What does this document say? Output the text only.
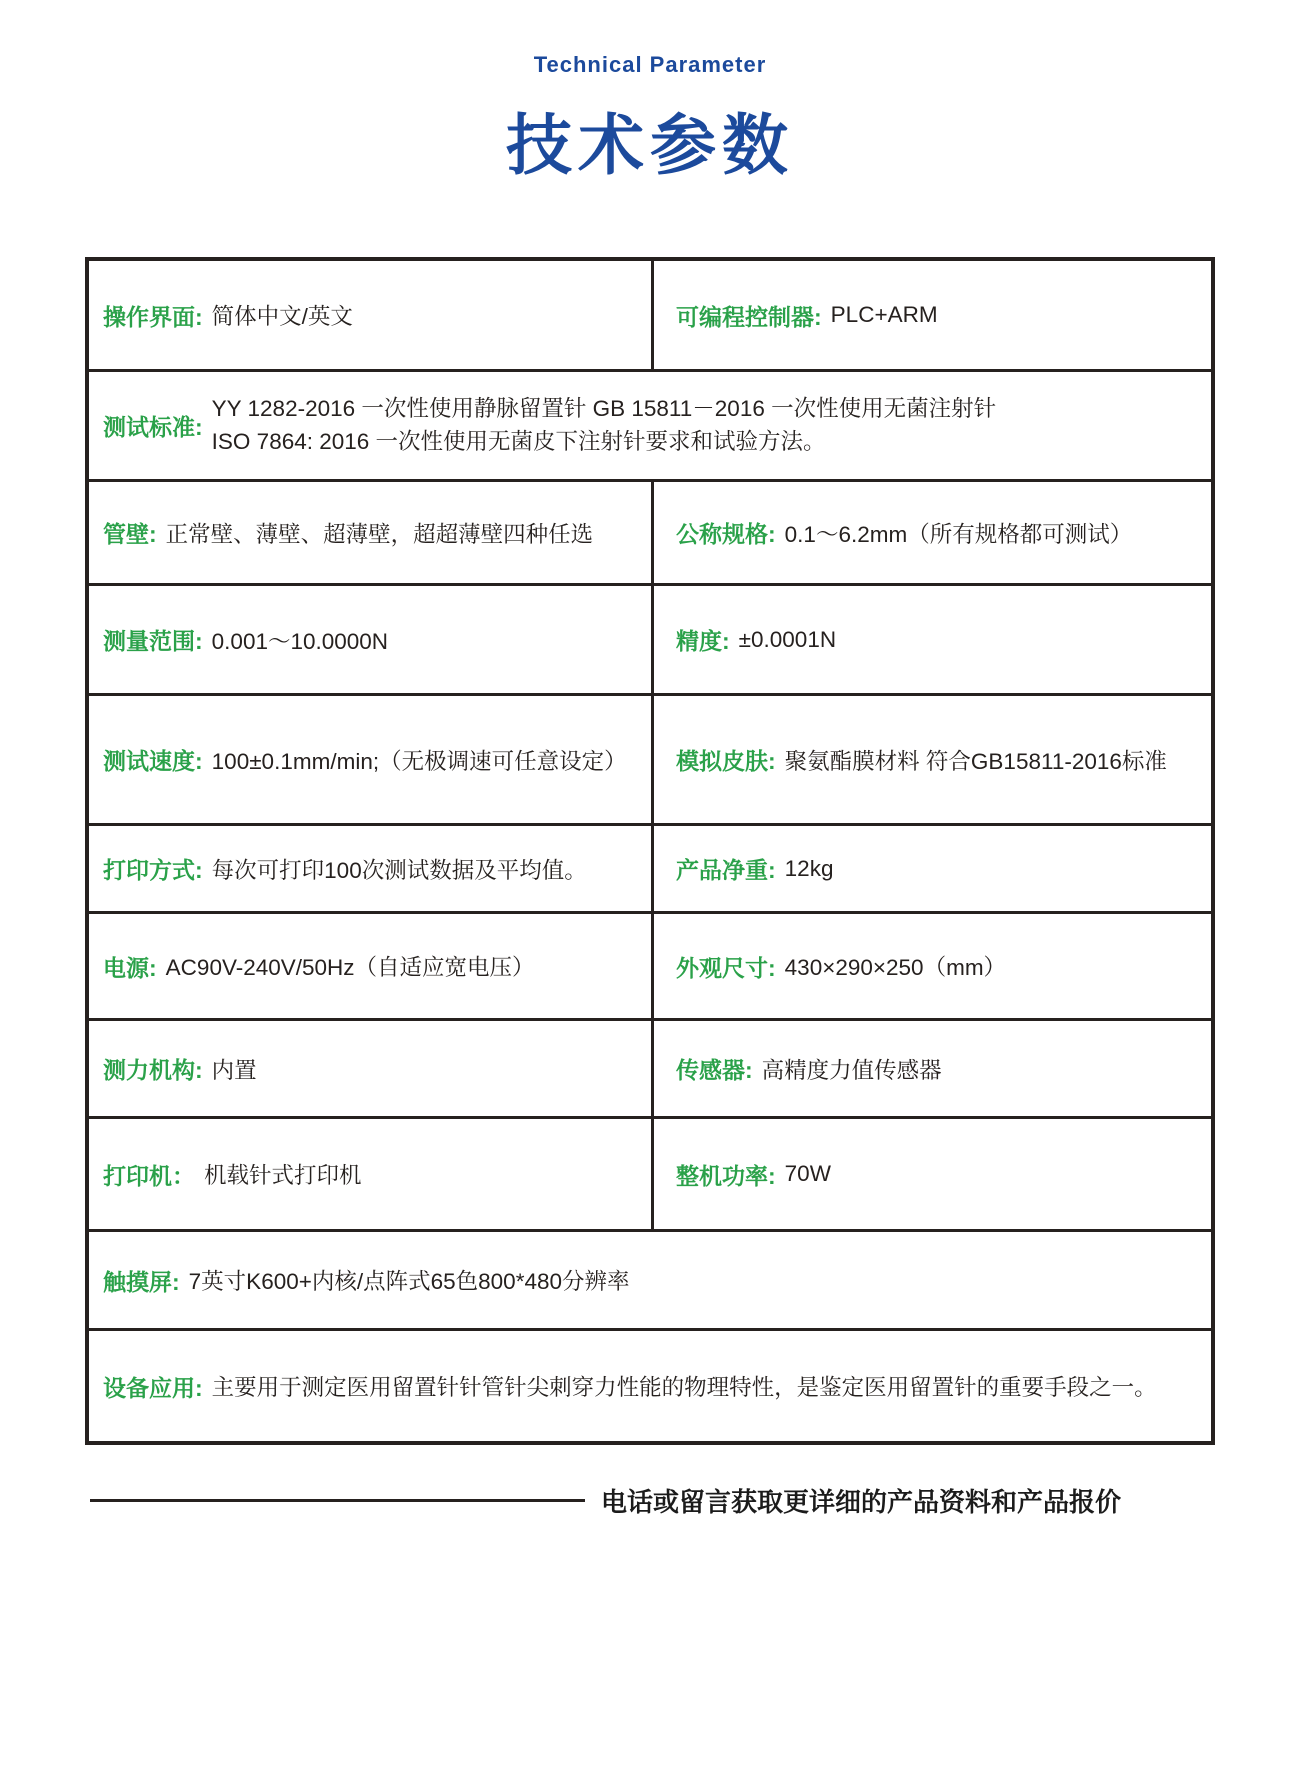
Technical Parameter
技术参数
操作界面: 简体中文/英文	可编程控制器: PLC+ARM
测试标准:
YY 1282-2016 一次性使用静脉留置针 GB 15811－2016 一次性使用无菌注射针
ISO 7864: 2016 一次性使用无菌皮下注射针要求和试验方法。
管壁: 正常壁、薄壁、超薄壁，超超薄壁四种任选	公称规格: 0.1～6.2mm（所有规格都可测试）
测量范围: 0.001～10.0000N	精度: ±0.0001N
测试速度: 100±0.1mm/min;（无极调速可任意设定） 模拟皮肤: 聚氨酯膜材料 符合GB15811-2016标准
打印方式: 每次可打印100次测试数据及平均值。	产品净重: 12kg
电源: AC90V-240V/50Hz（自适应宽电压）	外观尺寸: 430×290×250（mm）
测力机构: 内置	传感器: 高精度力值传感器
打印机： 机载针式打印机	整机功率: 70W
触摸屏: 7英寸K600+内核/点阵式65色800*480分辨率
设备应用: 主要用于测定医用留置针针管针尖刺穿力性能的物理特性，是鉴定医用留置针的重要手段之一。
电话或留言获取更详细的产品资料和产品报价
